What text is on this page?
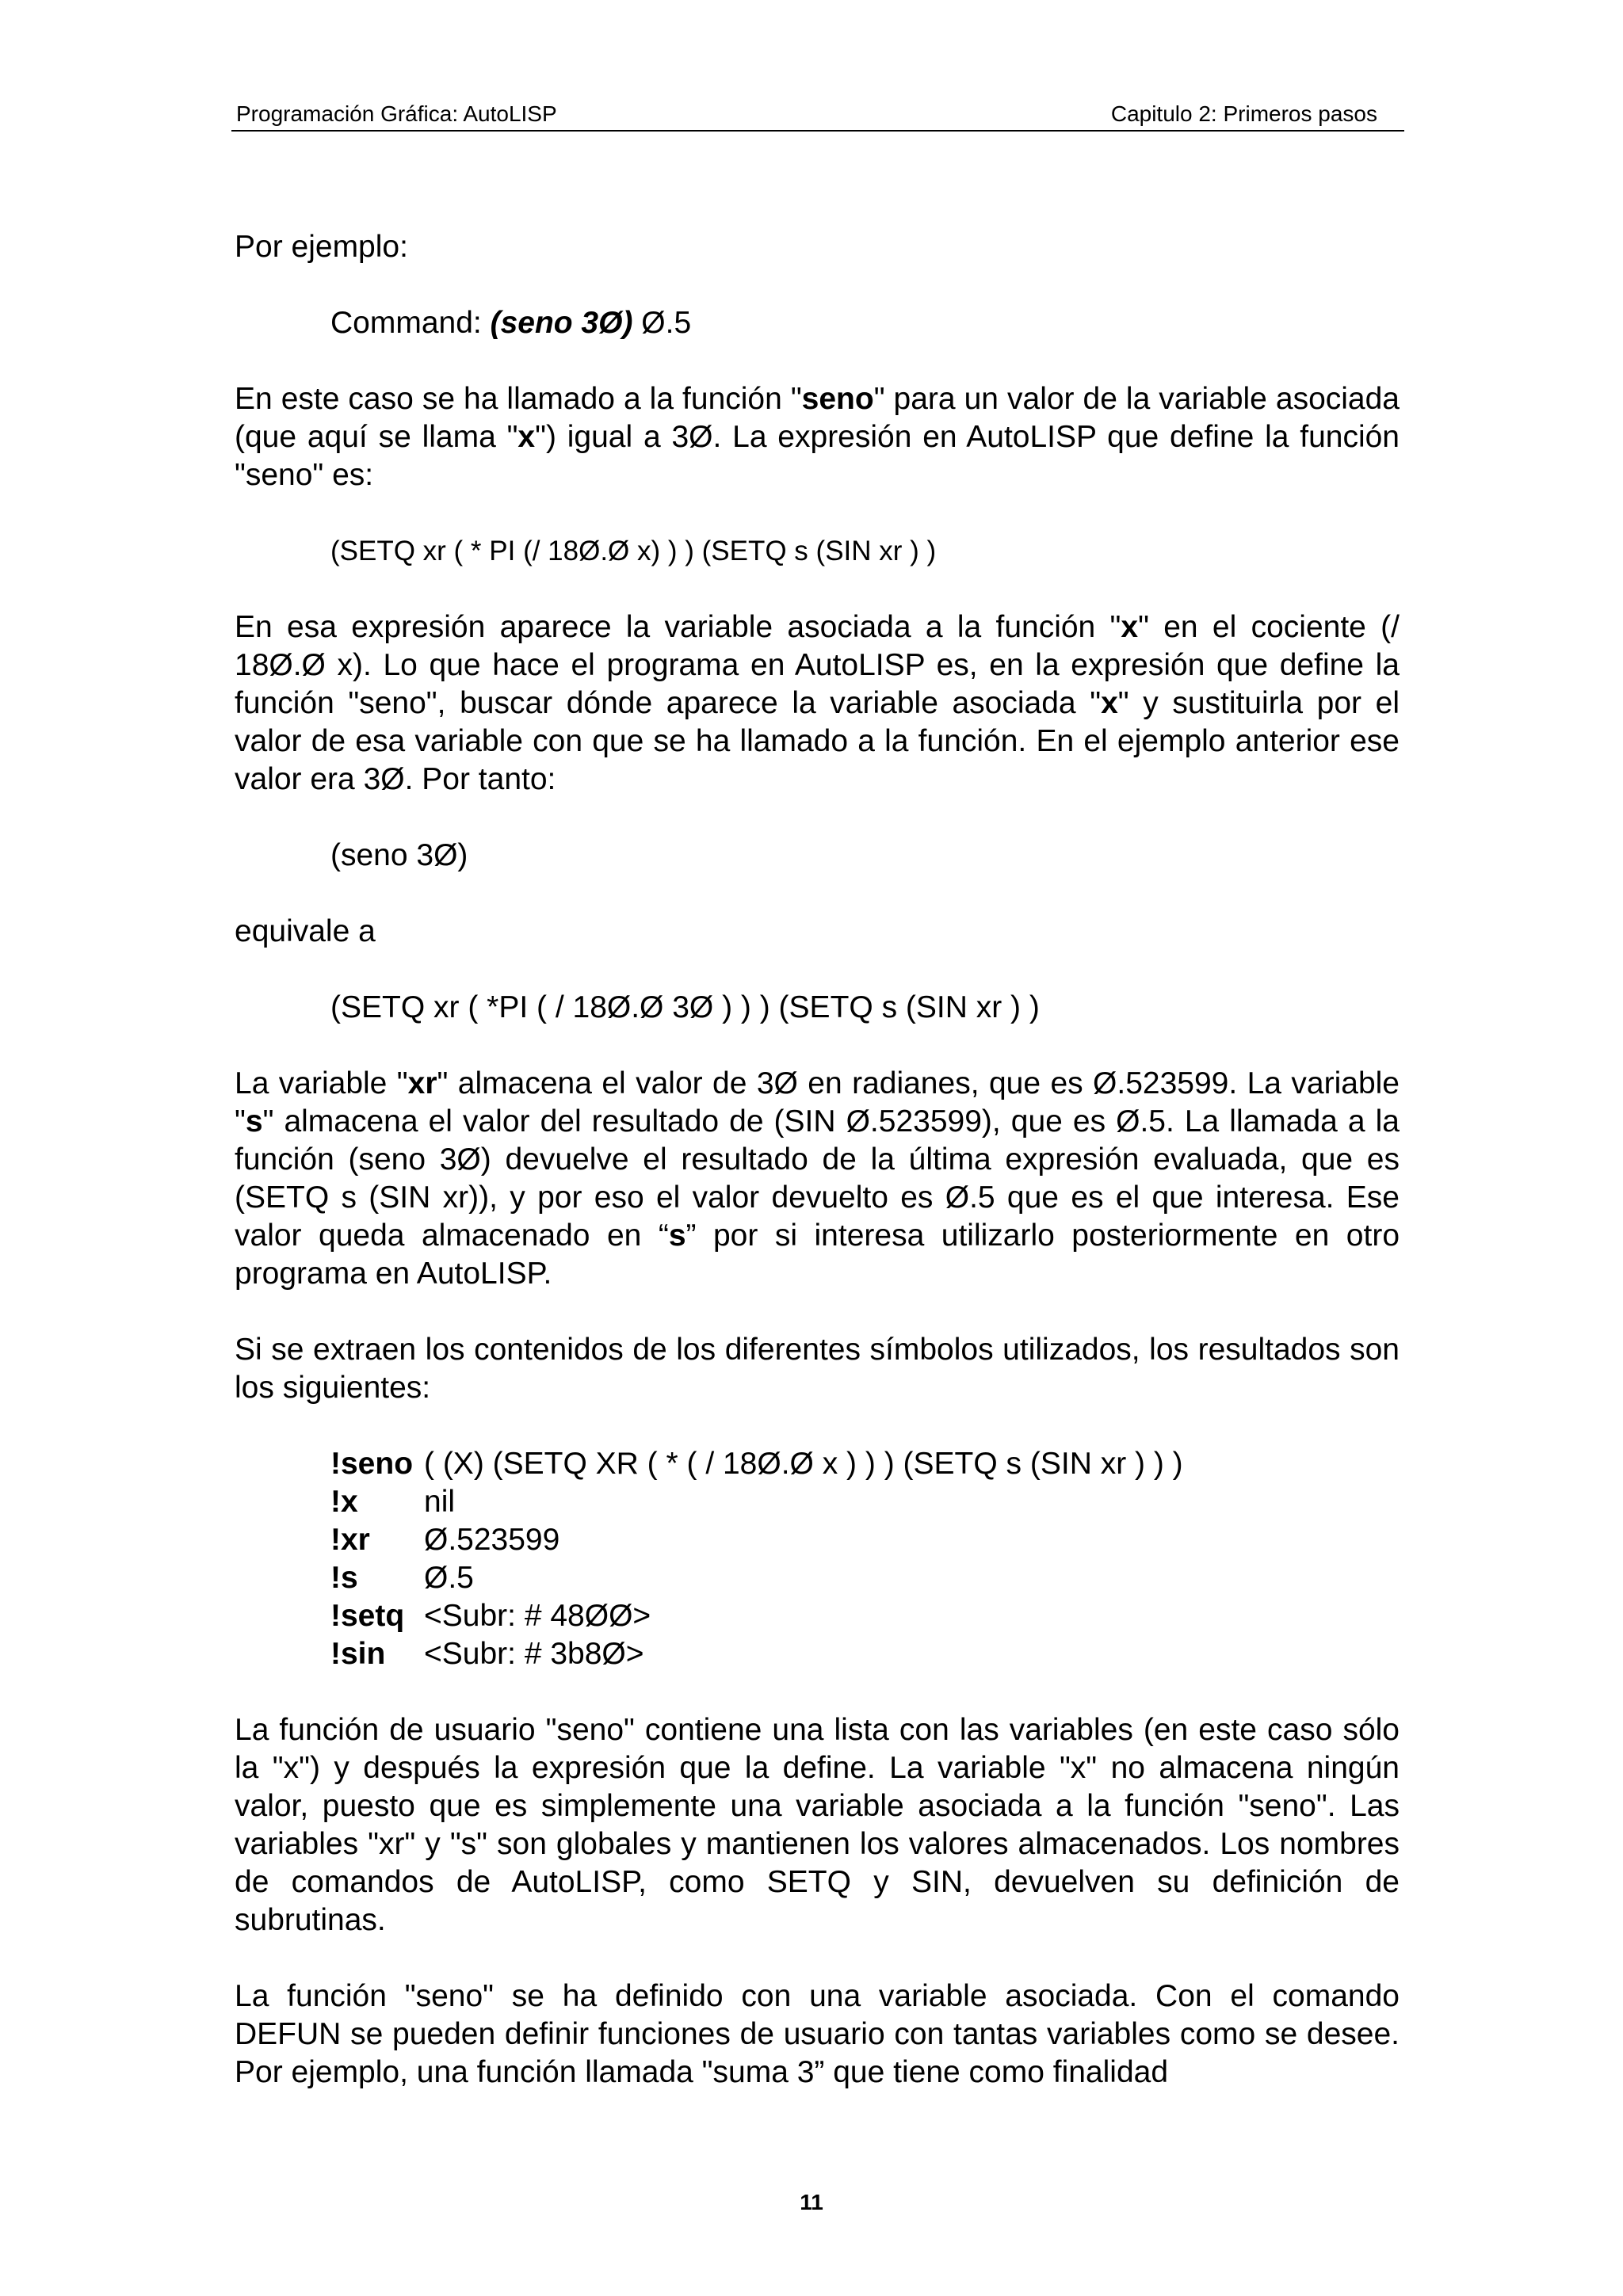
Programación Gráfica: AutoLISP	Capitulo 2: Primeros pasos

Por ejemplo:

Command: (seno 3Ø) Ø.5

En este caso se ha llamado a la función "seno" para un valor de la variable asociada (que aquí se llama "x") igual a 3Ø. La expresión en AutoLISP que define la función "seno" es:

(SETQ xr ( * PI (/ 18Ø.Ø x) ) ) (SETQ s (SIN xr ) )

En esa expresión aparece la variable asociada a la función "x" en el cociente (/ 18Ø.Ø x). Lo que hace el programa en AutoLISP es, en la expresión que define la función "seno", buscar dónde aparece la variable asociada "x" y sustituirla por el valor de esa variable con que se ha llamado a la función. En el ejemplo anterior ese valor era 3Ø. Por tanto:

(seno 3Ø)

equivale a

(SETQ xr ( *PI ( / 18Ø.Ø 3Ø ) ) ) (SETQ s (SIN xr ) )

La variable "xr" almacena el valor de 3Ø en radianes, que es Ø.523599. La variable "s" almacena el valor del resultado de (SIN Ø.523599), que es Ø.5. La llamada a la función (seno 3Ø) devuelve el resultado de la última expresión evaluada, que es (SETQ s (SIN xr)), y por eso el valor devuelto es Ø.5 que es el que interesa. Ese valor queda almacenado en “s” por si interesa utilizarlo posteriormente en otro programa en AutoLISP.

Si se extraen los contenidos de los diferentes símbolos utilizados, los resultados son los siguientes:

!seno ( (X) (SETQ XR ( * ( / 18Ø.Ø x ) ) ) (SETQ s (SIN xr ) ) )
!x	nil
!xr	Ø.523599
!s	Ø.5
!setq <Subr: # 48ØØ>
!sin	<Subr: # 3b8Ø>

La función de usuario "seno" contiene una lista con las variables (en este caso sólo la "x") y después la expresión que la define. La variable "x" no almacena ningún valor, puesto que es simplemente una variable asociada a la función "seno". Las variables "xr" y "s" son globales y mantienen los valores almacenados. Los nombres de comandos de AutoLISP, como SETQ y SIN, devuelven su definición de subrutinas.

La función "seno" se ha definido con una variable asociada. Con el comando DEFUN se pueden definir funciones de usuario con tantas variables como se desee. Por ejemplo, una función llamada "suma 3” que tiene como finalidad

11
